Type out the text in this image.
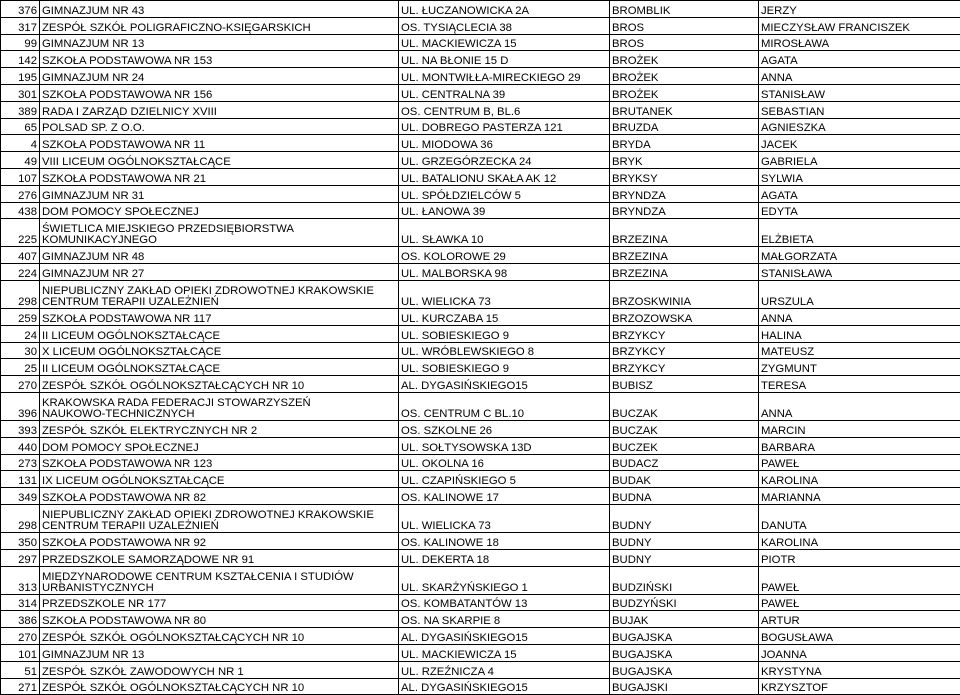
376	GIMNAZJUM NR 43	UL. ŁUCZANOWICKA 2A	BROMBLIK	JERZY
317	ZESPÓŁ SZKÓŁ POLIGRAFICZNO-KSIĘGARSKICH	OS. TYSIĄCLECIA 38	BROS	MIECZYSŁAW FRANCISZEK
99	GIMNAZJUM NR 13	UL. MACKIEWICZA 15	BROS	MIROSŁAWA
142	SZKOŁA PODSTAWOWA NR 153	UL. NA BŁONIE 15 D	BROŻEK	AGATA
195	GIMNAZJUM NR 24	UL. MONTWIŁŁA-MIRECKIEGO 29	BROŻEK	ANNA
301	SZKOŁA PODSTAWOWA NR 156	UL. CENTRALNA 39	BROŻEK	STANISŁAW
389	RADA I ZARZĄD DZIELNICY XVIII	OS. CENTRUM B, BL.6	BRUTANEK	SEBASTIAN
65	POLSAD SP. Z O.O.	UL. DOBREGO PASTERZA 121	BRUZDA	AGNIESZKA
4	SZKOŁA PODSTAWOWA NR 11	UL. MIODOWA 36	BRYDA	JACEK
49	VIII LICEUM OGÓLNOKSZTAŁCĄCE	UL. GRZEGÓRZECKA 24	BRYK	GABRIELA
107	SZKOŁA PODSTAWOWA NR 21	UL. BATALIONU SKAŁA AK 12	BRYKSY	SYLWIA
276	GIMNAZJUM NR 31	UL. SPÓŁDZIELCÓW 5	BRYNDZA	AGATA
438	DOM POMOCY SPOŁECZNEJ	UL. ŁANOWA 39	BRYNDZA	EDYTA
225	ŚWIETLICA MIEJSKIEGO PRZEDSIĘBIORSTWA
KOMUNIKACYJNEGO	UL. SŁAWKA 10	BRZEZINA	ELŻBIETA
407	GIMNAZJUM NR 48	OS. KOLOROWE 29	BRZEZINA	MAŁGORZATA
224	GIMNAZJUM NR 27	UL. MALBORSKA 98	BRZEZINA	STANISŁAWA
298	NIEPUBLICZNY ZAKŁAD OPIEKI ZDROWOTNEJ KRAKOWSKIE
CENTRUM TERAPII UZALEŻNIEŃ	UL. WIELICKA 73	BRZOSKWINIA	URSZULA
259	SZKOŁA PODSTAWOWA NR 117	UL. KURCZABA 15	BRZOZOWSKA	ANNA
24	II LICEUM OGÓLNOKSZTAŁCĄCE	UL. SOBIESKIEGO 9	BRZYKCY	HALINA
30	X LICEUM OGÓLNOKSZTAŁCĄCE	UL. WRÓBLEWSKIEGO 8	BRZYKCY	MATEUSZ
25	II LICEUM OGÓLNOKSZTAŁCĄCE	UL. SOBIESKIEGO 9	BRZYKCY	ZYGMUNT
270	ZESPÓŁ SZKÓŁ OGÓLNOKSZTAŁCĄCYCH NR 10	AL. DYGASIŃSKIEGO15	BUBISZ	TERESA
396	KRAKOWSKA RADA FEDERACJI STOWARZYSZEŃ
NAUKOWO-TECHNICZNYCH	OS. CENTRUM C BL.10	BUCZAK	ANNA
393	ZESPÓŁ SZKÓŁ ELEKTRYCZNYCH NR 2	OS. SZKOLNE 26	BUCZAK	MARCIN
440	DOM POMOCY SPOŁECZNEJ	UL. SOŁTYSOWSKA 13D	BUCZEK	BARBARA
273	SZKOŁA PODSTAWOWA NR 123	UL. OKOLNA 16	BUDACZ	PAWEŁ
131	IX LICEUM OGÓLNOKSZTAŁCĄCE	UL. CZAPIŃSKIEGO 5	BUDAK	KAROLINA
349	SZKOŁA PODSTAWOWA NR 82	OS. KALINOWE 17	BUDNA	MARIANNA
298	NIEPUBLICZNY ZAKŁAD OPIEKI ZDROWOTNEJ KRAKOWSKIE
CENTRUM TERAPII UZALEŻNIEŃ	UL. WIELICKA 73	BUDNY	DANUTA
350	SZKOŁA PODSTAWOWA NR 92	OS. KALINOWE 18	BUDNY	KAROLINA
297	PRZEDSZKOLE SAMORZĄDOWE NR 91	UL. DEKERTA 18	BUDNY	PIOTR
313	MIĘDZYNARODOWE CENTRUM KSZTAŁCENIA I STUDIÓW
URBANISTYCZNYCH	UL. SKARŻYŃSKIEGO 1	BUDZIŃSKI	PAWEŁ
314	PRZEDSZKOLE NR 177	OS. KOMBATANTÓW 13	BUDZYŃSKI	PAWEŁ
386	SZKOŁA PODSTAWOWA NR 80	OS. NA SKARPIE 8	BUJAK	ARTUR
270	ZESPÓŁ SZKÓŁ OGÓLNOKSZTAŁCĄCYCH NR 10	AL. DYGASIŃSKIEGO15	BUGAJSKA	BOGUSŁAWA
101	GIMNAZJUM NR 13	UL. MACKIEWICZA 15	BUGAJSKA	JOANNA
51	ZESPÓŁ SZKÓŁ ZAWODOWYCH NR 1	UL. RZEŹNICZA 4	BUGAJSKA	KRYSTYNA
271	ZESPÓŁ SZKÓŁ OGÓLNOKSZTAŁCĄCYCH NR 10	AL. DYGASIŃSKIEGO15	BUGAJSKI	KRZYSZTOF
